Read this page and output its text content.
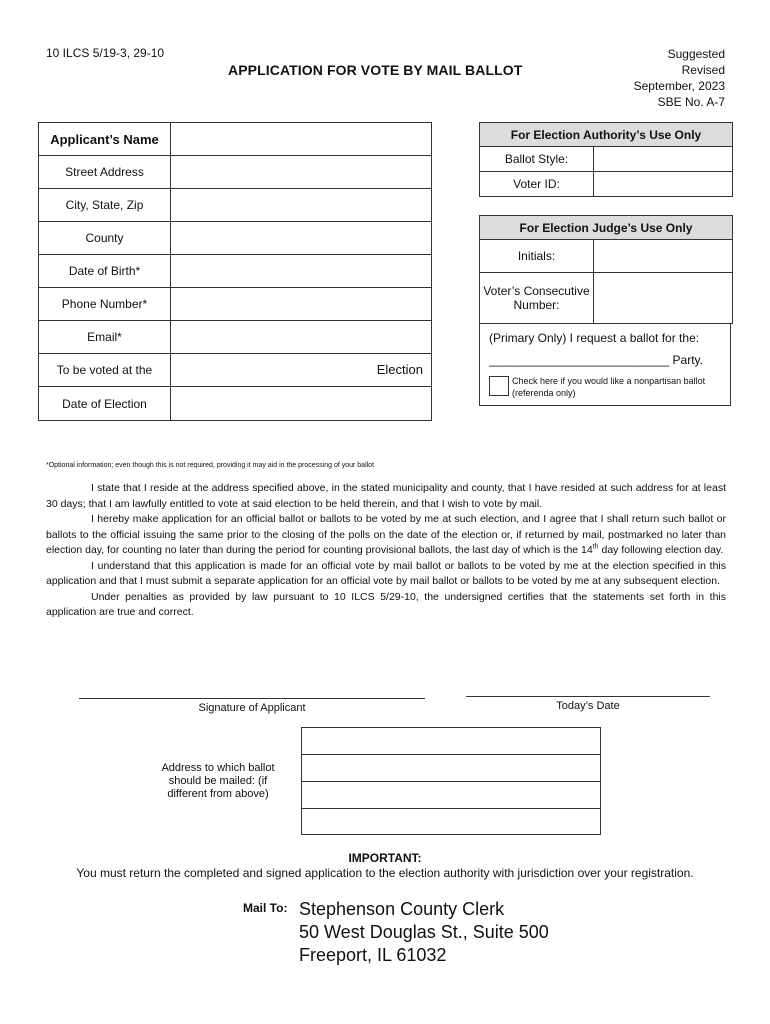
10 ILCS 5/19-3, 29-10
APPLICATION FOR VOTE BY MAIL BALLOT
Suggested
Revised
September, 2023
SBE No. A-7
Applicant’s Name
Street Address
City, State, Zip
County
Date of Birth*
Phone Number*
Email*
To be voted at the	Election
Date of Election
For Election Authority’s Use Only
Ballot Style:
Voter ID:
For Election Judge’s Use Only
Initials:
Voter’s Consecutive Number:
(Primary Only) I request a ballot for the:
___________________________ Party.
Check here if you would like a nonpartisan ballot (referenda only)
*Optional information; even though this is not required, providing it may aid in the processing of your ballot

I state that I reside at the address specified above, in the stated municipality and county, that I have resided at such address for at least 30 days; that I am lawfully entitled to vote at said election to be held therein, and that I wish to vote by mail.

I hereby make application for an official ballot or ballots to be voted by me at such election, and I agree that I shall return such ballot or ballots to the official issuing the same prior to the closing of the polls on the date of the election or, if returned by mail, postmarked no later than election day, for counting no later than during the period for counting provisional ballots, the last day of which is the 14th day following election day.

I understand that this application is made for an official vote by mail ballot or ballots to be voted by me at the election specified in this application and that I must submit a separate application for an official vote by mail ballot or ballots to be voted by me at any subsequent election.

Under penalties as provided by law pursuant to 10 ILCS 5/29-10, the undersigned certifies that the statements set forth in this application are true and correct.

Signature of Applicant	Today’s Date
Address to which ballot should be mailed: (if different from above)
IMPORTANT:
You must return the completed and signed application to the election authority with jurisdiction over your registration.
Mail To: Stephenson County Clerk
50 West Douglas St., Suite 500
Freeport, IL 61032
